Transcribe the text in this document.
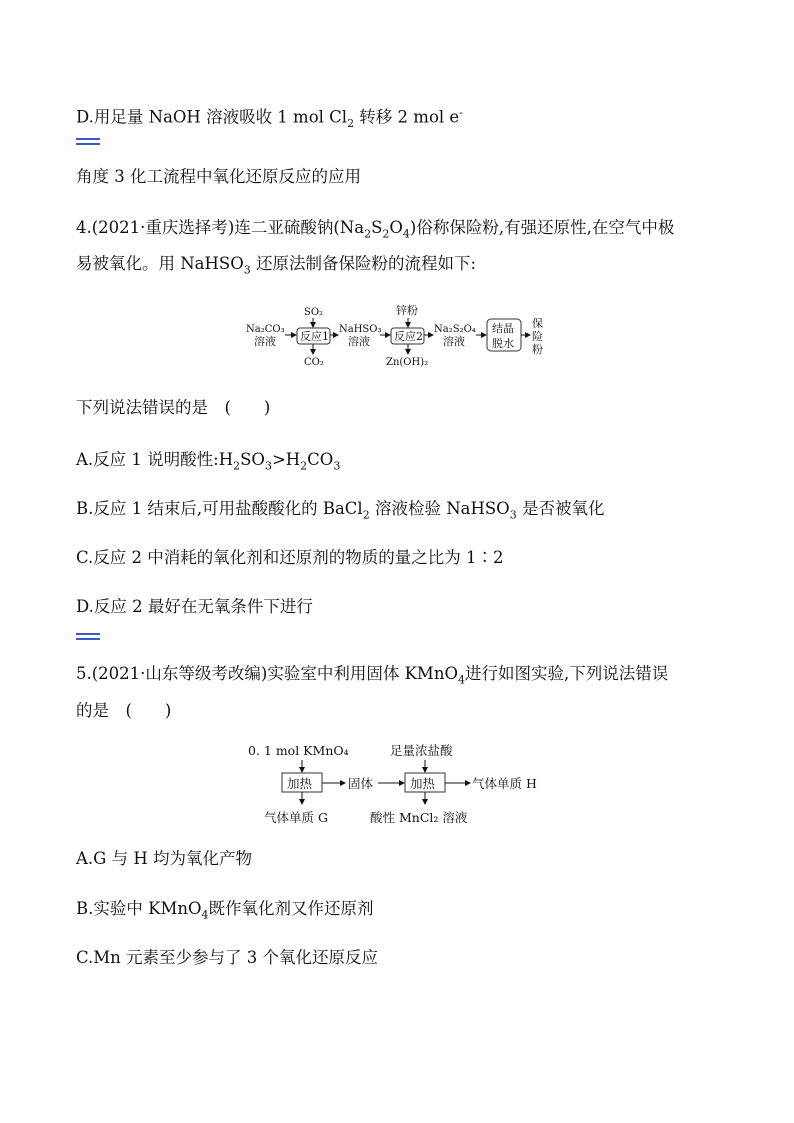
D.用足量 NaOH 溶液吸收 1 mol $Cl_2$ 转移 2 mol e-
角度 3 化工流程中氧化还原反应的应用
4.(2021·重庆选择考)连二亚硫酸钠$(Na_2S_2O_4)$俗称保险粉,有强还原性,在空气中极
易被氧化。用 NaHSO$_3$ 还原法制备保险粉的流程如下:
Na₂CO₃
溶液
SO₂
反应1
CO₂
NaHSO₃
溶液
锌粉
反应2
Zn(OH)₂
Na₂S₂O₄
溶液
结晶
脱水
保
险
粉
下列说法错误的是　(　　)
A.反应 1 说明酸性$:H_2SO_3>H_2CO_3$
B.反应 1 结束后,可用盐酸酸化的 BaCl$_2$ 溶液检验 NaHSO$_3$ 是否被氧化
C.反应 2 中消耗的氧化剂和还原剂的物质的量之比为 1∶2
D.反应 2 最好在无氧条件下进行
5.(2021·山东等级考改编)实验室中利用固体 KMnO$_4$进行如图实验,下列说法错误
的是　(　　)
0. 1 mol KMnO₄
加热	固体
足量浓盐酸
加热	气体单质 H
气体单质 G	酸性 MnCl₂ 溶液
A.G 与 H 均为氧化产物
B.实验中 KMnO$_4$既作氧化剂又作还原剂
C.Mn 元素至少参与了 3 个氧化还原反应
